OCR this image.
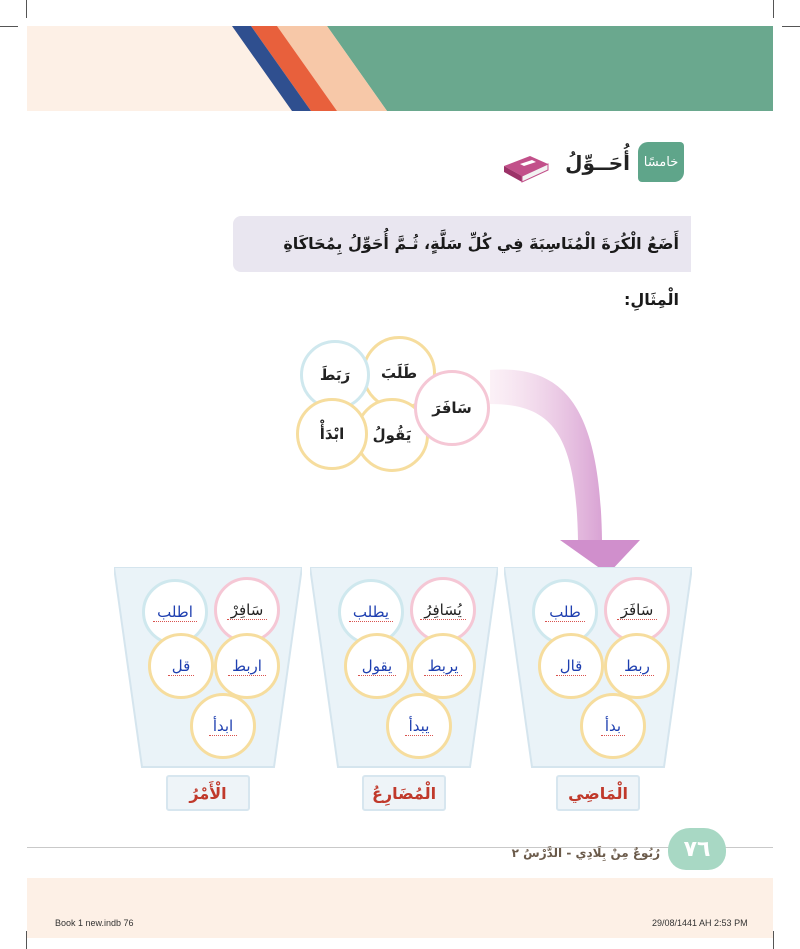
خامسًا
أُحَــوِّلُ
أَضَعُ الْكُرَةَ الْمُنَاسِبَةَ فِي كُلِّ سَلَّةٍ، ثُـمَّ أُحَوِّلُ بِمُحَاكَاةِ الْمِثَالِ:
طَلَبَ
رَبَطَ
يَقُولُ
ابْدَأْ
سَافَرَ
طلب	سَافَرَ
ربط
قال
بدأ
الْمَاضِي
يطلب يُسَافِرُ
يربط
يقول
يبدأ
الْمُضَارِعُ
اطلب	سَافِرْ
اربط
قل
ابدأ
الْأَمْرُ
٧٦
رُبُوعٌ مِنْ بِلَادِي - الدَّرْسُ ٢
Book 1 new.indb 76	29/08/1441 AH 2:53 PM
